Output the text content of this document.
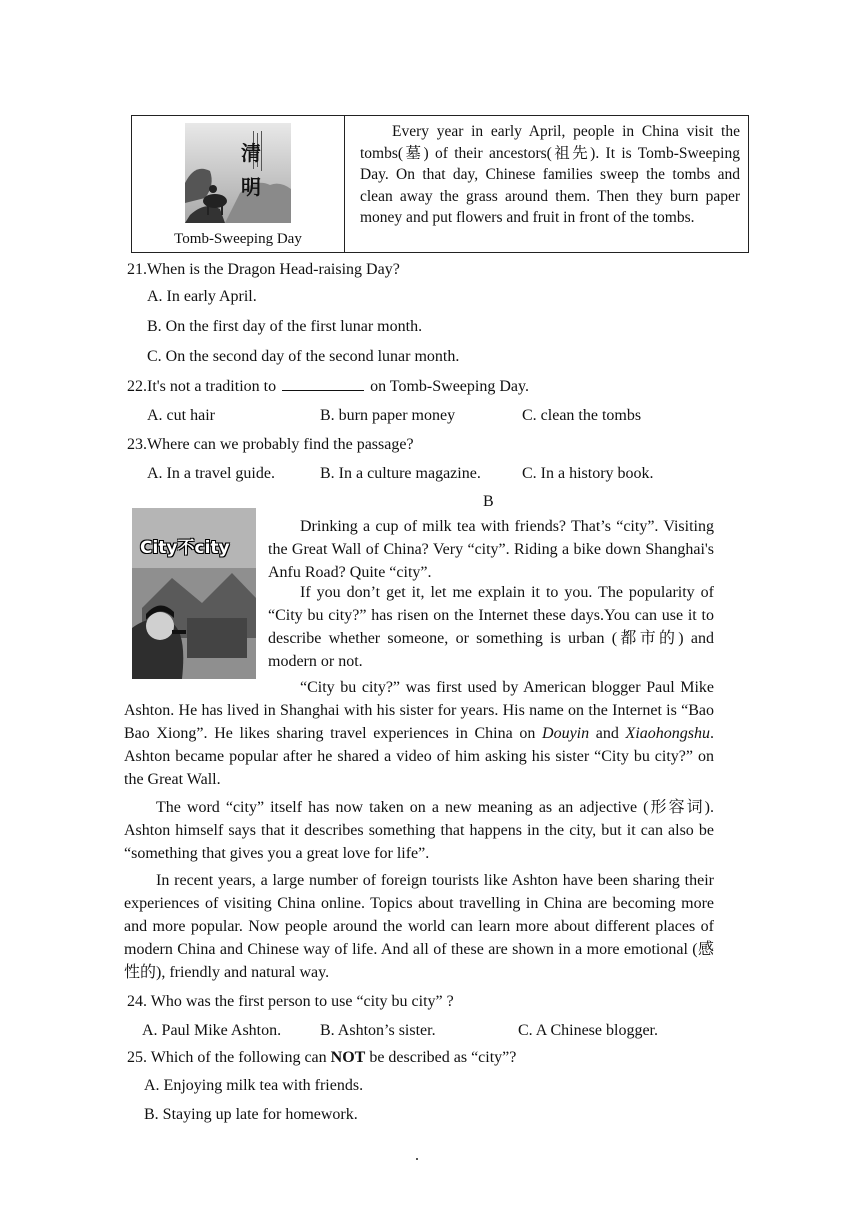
清 明
Tomb-Sweeping Day
Every year in early April, people in China visit the tombs(墓) of their ancestors(祖先). It is Tomb-Sweeping Day. On that day, Chinese families sweep the tombs and clean away the grass around them. Then they burn paper money and put flowers and fruit in front of the tombs.
21.When is the Dragon Head-raising Day?
A. In early April.
B. On the first day of the first lunar month.
C. On the second day of the second lunar month.
22.It's not a tradition to	on Tomb-Sweeping Day.
A. cut hair	B. burn paper money	C. clean the tombs
23.Where can we probably find the passage?
A. In a travel guide.	B. In a culture magazine.	C. In a history book.
B
City不city
Drinking a cup of milk tea with friends? That’s “city”. Visiting the Great Wall of China? Very “city”. Riding a bike down Shanghai's Anfu Road? Quite “city”.
If you don’t get it, let me explain it to you. The popularity of “City bu city?” has risen on the Internet these days.You can use it to describe whether someone, or something is urban (都市的) and modern or not.
“City bu city?” was first used by American blogger Paul Mike Ashton. He has lived in Shanghai with his sister for years. His name on the Internet is “Bao Bao Xiong”. He likes sharing travel experiences in China on Douyin and Xiaohongshu. Ashton became popular after he shared a video of him asking his sister “City bu city?” on the Great Wall.
The word “city” itself has now taken on a new meaning as an adjective (形容词). Ashton himself says that it describes something that happens in the city, but it can also be “something that gives you a great love for life”.
In recent years, a large number of foreign tourists like Ashton have been sharing their experiences of visiting China online. Topics about travelling in China are becoming more and more popular. Now people around the world can learn more about different places of modern China and Chinese way of life. And all of these are shown in a more emotional (感性的), friendly and natural way.
24. Who was the first person to use “city bu city” ?
A. Paul Mike Ashton. B. Ashton’s sister.	C. A Chinese blogger.
25. Which of the following can NOT be described as “city”?
A. Enjoying milk tea with friends.
B. Staying up late for homework.
